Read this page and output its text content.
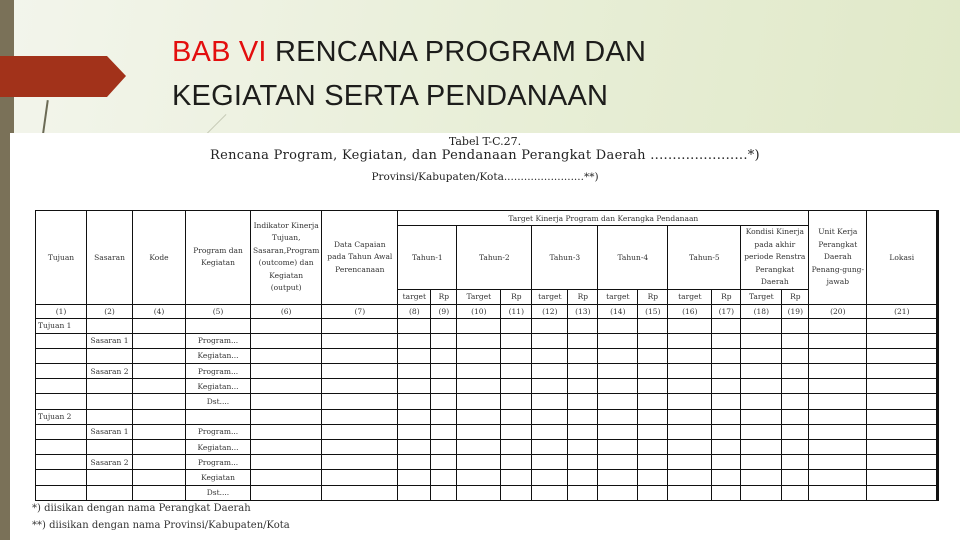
BAB VI RENCANA PROGRAM DAN
KEGIATAN SERTA PENDANAAN
Tabel T-C.27.
Rencana Program, Kegiatan, dan Pendanaan Perangkat Daerah ......................*)
Provinsi/Kabupaten/Kota........................**)
Tujuan	Sasaran	Kode	Program dan Kegiatan	Indikator Kinerja Tujuan, Sasaran,Program (outcome) dan Kegiatan (output)	Data Capaian pada Tahun Awal Perencanaan	Target Kinerja Program dan Kerangka Pendanaan												Unit Kerja Perangkat Daerah Penang-gung-jawab	Lokasi
						Tahun-1		Tahun-2		Tahun-3		Tahun-4		Tahun-5		Kondisi Kinerja pada akhir periode Renstra Perangkat Daerah			
						target	Rp	Target	Rp	target	Rp	target	Rp	target	Rp	Target	Rp		
(1)	(2)	(4)	(5)	(6)	(7)	(8)	(9)	(10)	(11)	(12)	(13)	(14)	(15)	(16)	(17)	(18)	(19)	(20)	(21)
Tujuan 1																			
	Sasaran 1		Program...																
			Kegiatan...																
	Sasaran 2		Program...																
			Kegiatan...																
			Dst....																
Tujuan 2																			
	Sasaran 1		Program...																
			Kegiatan...																
	Sasaran 2		Program...																
			Kegiatan																
			Dst....																
*) diisikan dengan nama Perangkat Daerah
**) diisikan dengan nama Provinsi/Kabupaten/Kota
